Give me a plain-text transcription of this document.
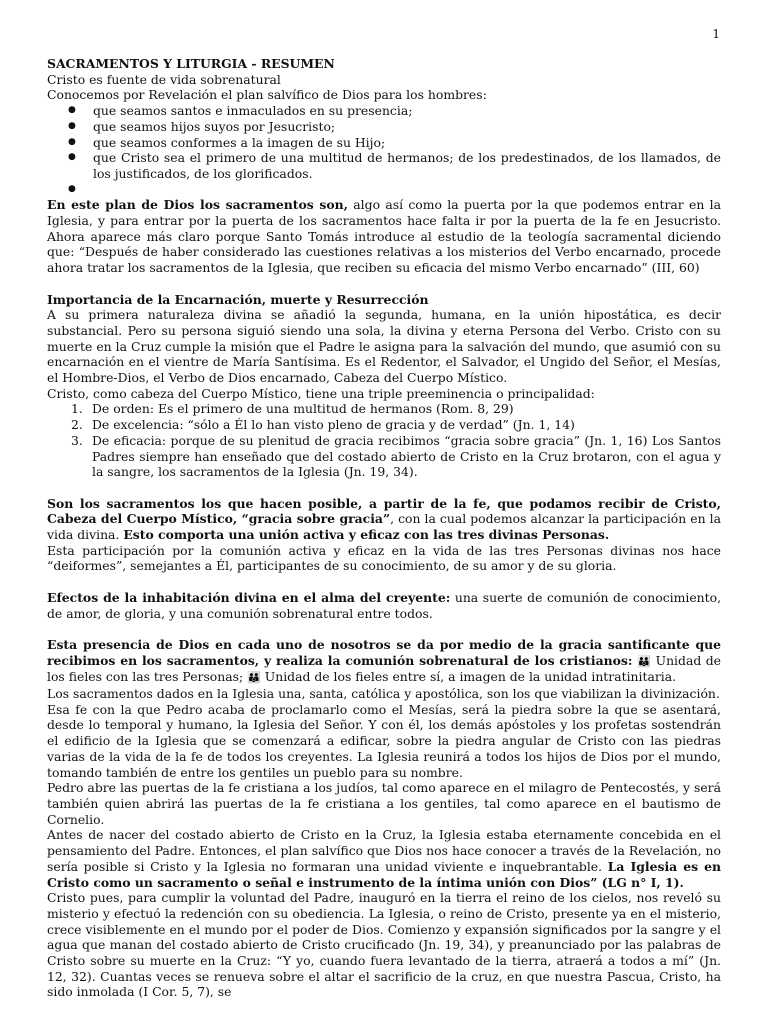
1

SACRAMENTOS Y LITURGIA - RESUMEN

Cristo es fuente de vida sobrenatural

Conocemos por Revelación el plan salvífico de Dios para los hombres:

● que seamos santos e inmaculados en su presencia;
● que seamos hijos suyos por Jesucristo;
● que seamos conformes a la imagen de su Hijo;
● que Cristo sea el primero de una multitud de hermanos; de los predestinados, de los llamados, de los justificados, de los glorificados.
●

En este plan de Dios los sacramentos son, algo así como la puerta por la que podemos entrar en la Iglesia, y para entrar por la puerta de los sacramentos hace falta ir por la puerta de la fe en Jesucristo. Ahora aparece más claro porque Santo Tomás introduce al estudio de la teología sacramental diciendo que: “Después de haber considerado las cuestiones relativas a los misterios del Verbo encarnado, procede ahora tratar los sacramentos de la Iglesia, que reciben su eficacia del mismo Verbo encarnado” (III, 60)

Importancia de la Encarnación, muerte y Resurrección

A su primera naturaleza divina se añadió la segunda, humana, en la unión hipostática, es decir substancial. Pero su persona siguió siendo una sola, la divina y eterna Persona del Verbo. Cristo con su muerte en la Cruz cumple la misión que el Padre le asigna para la salvación del mundo, que asumió con su encarnación en el vientre de María Santísima. Es el Redentor, el Salvador, el Ungido del Señor, el Mesías, el Hombre-Dios, el Verbo de Dios encarnado, Cabeza del Cuerpo Místico.

Cristo, como cabeza del Cuerpo Místico, tiene una triple preeminencia o principalidad:

1. De orden: Es el primero de una multitud de hermanos (Rom. 8, 29)
2. De excelencia: “sólo a Él lo han visto pleno de gracia y de verdad” (Jn. 1, 14)
3. De eficacia: porque de su plenitud de gracia recibimos “gracia sobre gracia” (Jn. 1, 16) Los Santos Padres siempre han enseñado que del costado abierto de Cristo en la Cruz brotaron, con el agua y la sangre, los sacramentos de la Iglesia (Jn. 19, 34).

Son los sacramentos los que hacen posible, a partir de la fe, que podamos recibir de Cristo, Cabeza del Cuerpo Místico, “gracia sobre gracia”, con la cual podemos alcanzar la participación en la vida divina. Esto comporta una unión activa y eficaz con las tres divinas Personas.

Esta participación por la comunión activa y eficaz en la vida de las tres Personas divinas nos hace “deiformes”, semejantes a Él, participantes de su conocimiento, de su amor y de su gloria.

Efectos de la inhabitación divina en el alma del creyente: una suerte de comunión de conocimiento, de amor, de gloria, y una comunión sobrenatural entre todos.

Esta presencia de Dios en cada uno de nosotros se da por medio de la gracia santificante que recibimos en los sacramentos, y realiza la comunión sobrenatural de los cristianos: 👪 Unidad de los fieles con las tres Personas; 👪 Unidad de los fieles entre sí, a imagen de la unidad intratinitaria.

Los sacramentos dados en la Iglesia una, santa, católica y apostólica, son los que viabilizan la divinización.

Esa fe con la que Pedro acaba de proclamarlo como el Mesías, será la piedra sobre la que se asentará, desde lo temporal y humano, la Iglesia del Señor. Y con él, los demás apóstoles y los profetas sostendrán el edificio de la Iglesia que se comenzará a edificar, sobre la piedra angular de Cristo con las piedras varias de la vida de la fe de todos los creyentes. La Iglesia reunirá a todos los hijos de Dios por el mundo, tomando también de entre los gentiles un pueblo para su nombre.

Pedro abre las puertas de la fe cristiana a los judíos, tal como aparece en el milagro de Pentecostés, y será también quien abrirá las puertas de la fe cristiana a los gentiles, tal como aparece en el bautismo de Cornelio.

Antes de nacer del costado abierto de Cristo en la Cruz, la Iglesia estaba eternamente concebida en el pensamiento del Padre. Entonces, el plan salvífico que Dios nos hace conocer a través de la Revelación, no sería posible si Cristo y la Iglesia no formaran una unidad viviente e inquebrantable. La Iglesia es en Cristo como un sacramento o señal e instrumento de la íntima unión con Dios” (LG n° I, 1).

Cristo pues, para cumplir la voluntad del Padre, inauguró en la tierra el reino de los cielos, nos reveló su misterio y efectuó la redención con su obediencia. La Iglesia, o reino de Cristo, presente ya en el misterio, crece visiblemente en el mundo por el poder de Dios. Comienzo y expansión significados por la sangre y el agua que manan del costado abierto de Cristo crucificado (Jn. 19, 34), y preanunciado por las palabras de Cristo sobre su muerte en la Cruz: “Y yo, cuando fuera levantado de la tierra, atraerá a todos a mí” (Jn. 12, 32). Cuantas veces se renueva sobre el altar el sacrificio de la cruz, en que nuestra Pascua, Cristo, ha sido inmolada (I Cor. 5, 7), se
